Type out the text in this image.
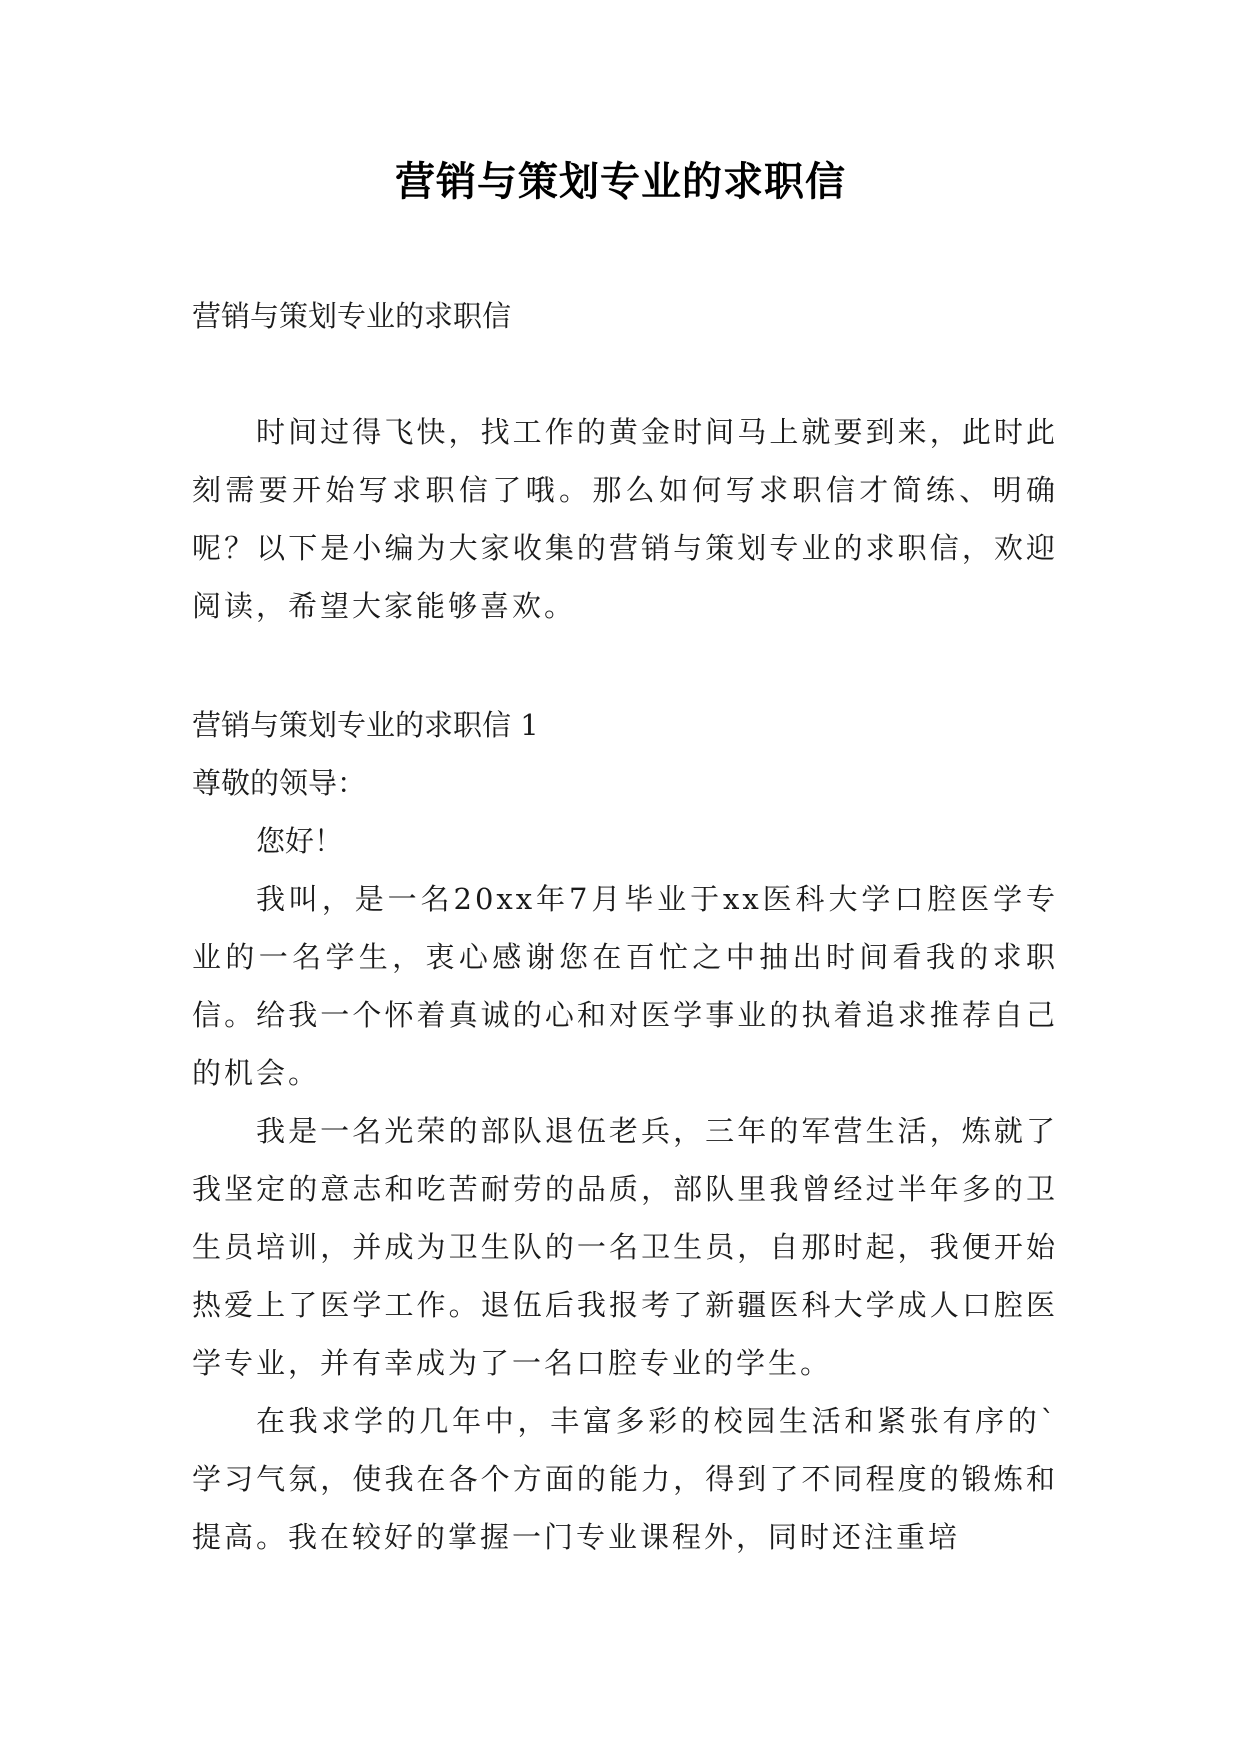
营销与策划专业的求职信
营销与策划专业的求职信
时间过得飞快，找工作的黄金时间马上就要到来，此时此刻需要开始写求职信了哦。那么如何写求职信才简练、明确呢？以下是小编为大家收集的营销与策划专业的求职信，欢迎阅读，希望大家能够喜欢。
营销与策划专业的求职信 1
尊敬的领导：
您好！
我叫，是一名20xx年7月毕业于xx医科大学口腔医学专业的一名学生，衷心感谢您在百忙之中抽出时间看我的求职信。给我一个怀着真诚的心和对医学事业的执着追求推荐自己的机会。
我是一名光荣的部队退伍老兵，三年的军营生活，炼就了我坚定的意志和吃苦耐劳的品质，部队里我曾经过半年多的卫生员培训，并成为卫生队的一名卫生员，自那时起，我便开始热爱上了医学工作。退伍后我报考了新疆医科大学成人口腔医学专业，并有幸成为了一名口腔专业的学生。
在我求学的几年中，丰富多彩的校园生活和紧张有序的`学习气氛，使我在各个方面的能力，得到了不同程度的锻炼和提高。我在较好的掌握一门专业课程外，同时还注重培
